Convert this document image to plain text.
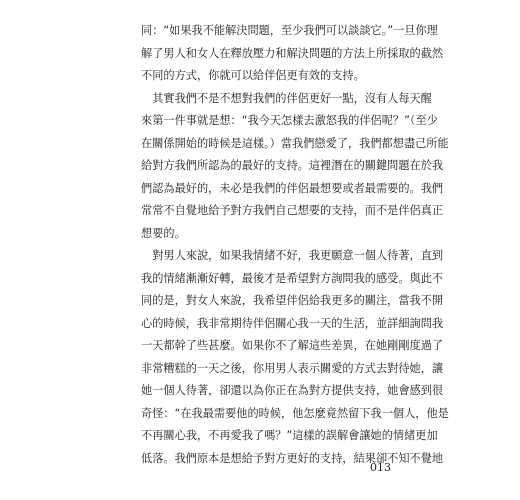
同：“如果我不能解決問題，至少我們可以談談它。”一旦你理
解了男人和女人在釋放壓力和解決問題的方法上所採取的截然
不同的方式，你就可以給伴侶更有效的支持。
　其實我們不是不想對我們的伴侶更好一點，沒有人每天醒
來第一件事就是想：“我今天怎樣去激怒我的伴侶呢？”（至少
在關係開始的時候是這樣。）當我們戀愛了，我們都想盡己所能
給對方我們所認為的最好的支持。這裡潛在的關鍵問題在於我
們認為最好的，未必是我們的伴侶最想要或者最需要的。我們
常常不自覺地給予對方我們自己想要的支持，而不是伴侶真正
想要的。
　對男人來說，如果我情緒不好，我更願意一個人待著，直到
我的情緒漸漸好轉，最後才是希望對方詢問我的感受。與此不
同的是，對女人來說，我希望伴侶給我更多的關注，當我不開
心的時候，我非常期待伴侶關心我一天的生活，並詳細詢問我
一天都幹了些甚麼。如果你不了解這些差異，在她剛剛度過了
非常糟糕的一天之後，你用男人表示關愛的方式去對待她，讓
她一個人待著，卻還以為你正在為對方提供支持，她會感到很
奇怪：“在我最需要他的時候，他怎麼竟然留下我一個人，他是
不再關心我，不再愛我了嗎？”這樣的誤解會讓她的情緒更加
低落。我們原本是想給予對方更好的支持，結果卻不知不覺地
013
